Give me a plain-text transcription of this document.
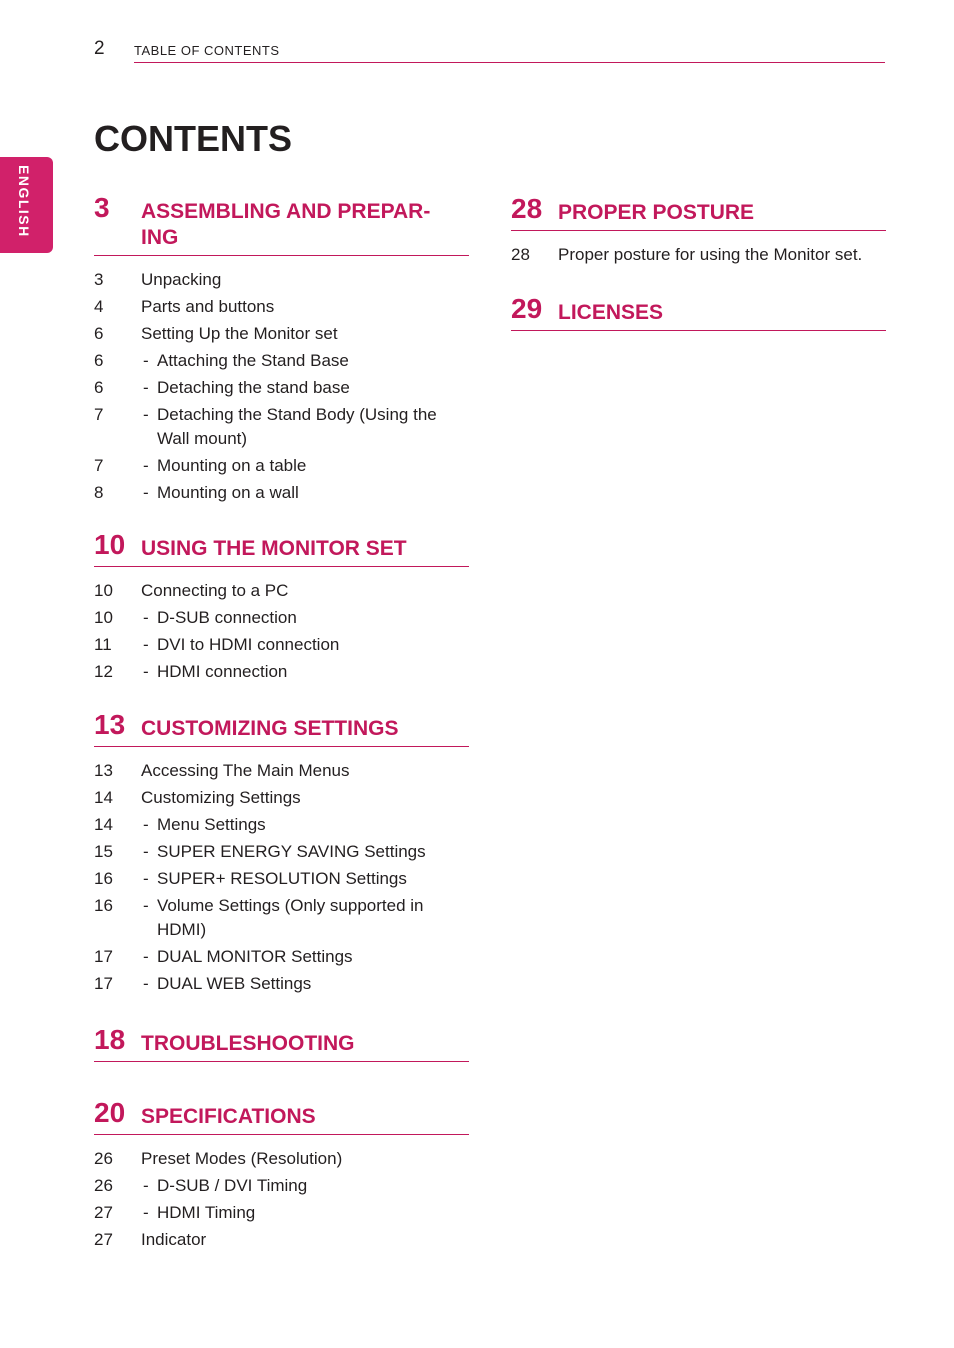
2 TABLE OF CONTENTS
ENGLISH
CONTENTS
3 ASSEMBLING AND PREPAR-
ING
3	Unpacking
4	Parts and buttons
6	Setting Up the Monitor set
6	- Attaching the Stand Base
6	- Detaching the stand base
7	- Detaching the Stand Body (Using the Wall mount)
7	- Mounting on a table
8	- Mounting on a wall
10 USING THE MONITOR SET
10	Connecting to a PC
10	- D-SUB connection
11	- DVI to HDMI connection
12	- HDMI connection
13 CUSTOMIZING SETTINGS
13	Accessing The Main Menus
14	Customizing Settings
14	- Menu Settings
15	- SUPER ENERGY SAVING Settings
16	- SUPER+ RESOLUTION Settings
16	- Volume Settings (Only supported in HDMI)
17	- DUAL MONITOR Settings
17	- DUAL WEB Settings
18 TROUBLESHOOTING
20 SPECIFICATIONS
26	Preset Modes (Resolution)
26	- D-SUB / DVI Timing
27	- HDMI Timing
27	Indicator
28 PROPER POSTURE
28	Proper posture for using the Monitor set.
29 LICENSES
